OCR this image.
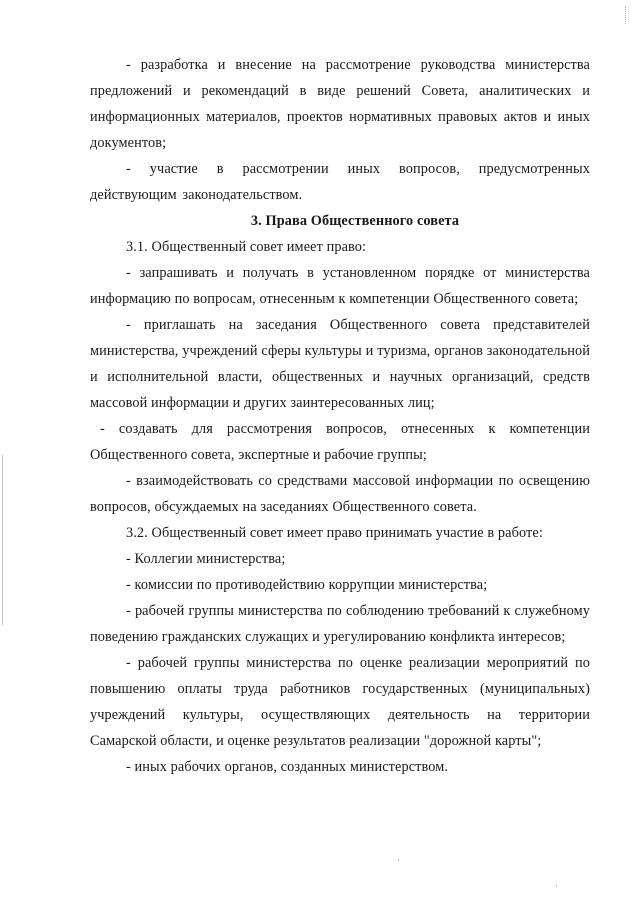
- разработка и внесение на рассмотрение руководства министерства предложений и рекомендаций в виде решений Совета, аналитических и информационных материалов, проектов нормативных правовых актов и иных документов;

- участие в рассмотрении иных вопросов, предусмотренных действующим законодательством.

3. Права Общественного совета

3.1. Общественный совет имеет право:

- запрашивать и получать в установленном порядке от министерства информацию по вопросам, отнесенным к компетенции Общественного совета;

- приглашать на заседания Общественного совета представителей министерства, учреждений сферы культуры и туризма, органов законодательной и исполнительной власти, общественных и научных организаций, средств массовой информации и других заинтересованных лиц;

- создавать для рассмотрения вопросов, отнесенных к компетенции Общественного совета, экспертные и рабочие группы;

- взаимодействовать со средствами массовой информации по освещению вопросов, обсуждаемых на заседаниях Общественного совета.

3.2. Общественный совет имеет право принимать участие в работе:

- Коллегии министерства;

- комиссии по противодействию коррупции министерства;

- рабочей группы министерства по соблюдению требований к служебному поведению гражданских служащих и урегулированию конфликта интересов;

- рабочей группы министерства по оценке реализации мероприятий по повышению оплаты труда работников государственных (муниципальных) учреждений культуры, осуществляющих деятельность на территории Самарской области, и оценке результатов реализации "дорожной карты";

- иных рабочих органов, созданных министерством.
